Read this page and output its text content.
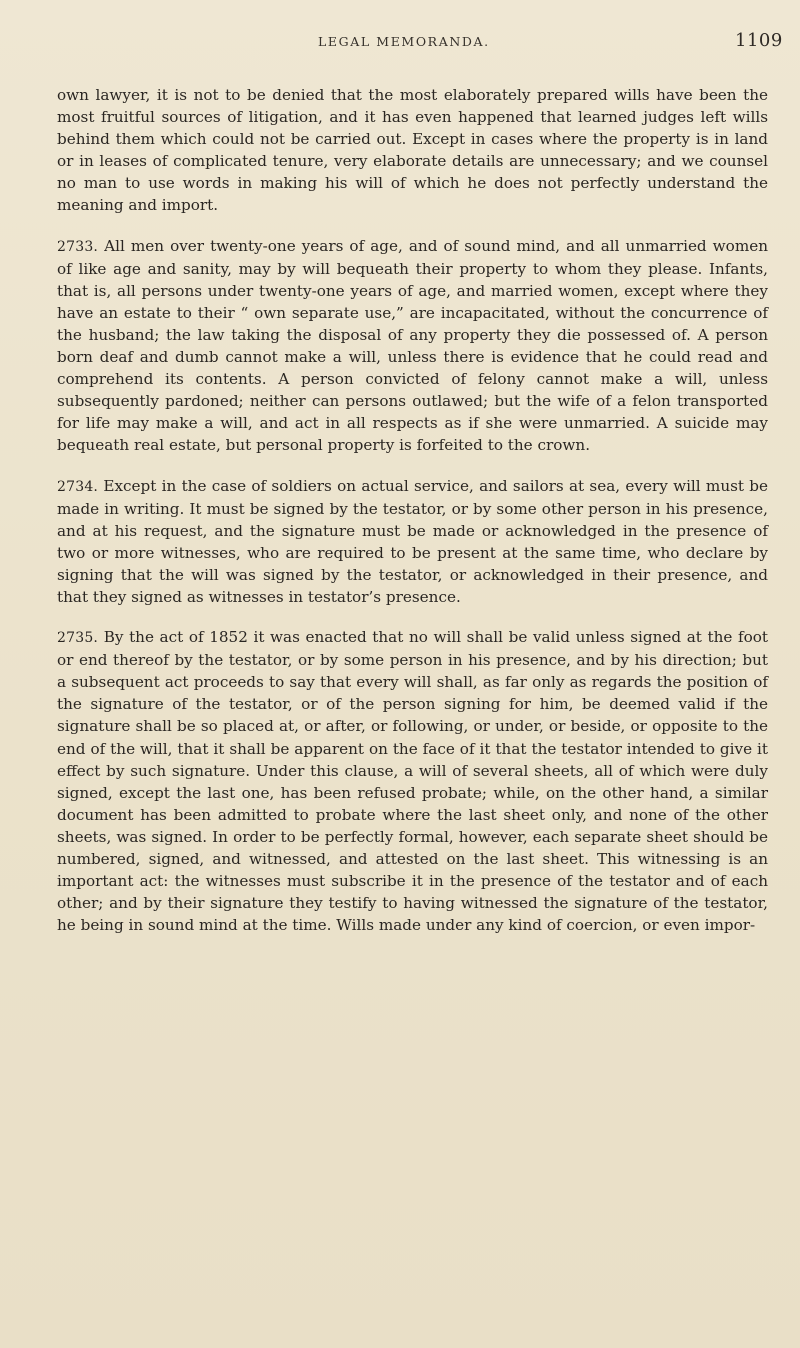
LEGAL MEMORANDA.	1109

own lawyer, it is not to be denied that the most elaborately prepared wills have been the most fruitful sources of litigation, and it has even happened that learned judges left wills behind them which could not be carried out. Except in cases where the property is in land or in leases of complicated tenure, very elaborate details are unnecessary; and we counsel no man to use words in making his will of which he does not perfectly understand the meaning and import.

2733. All men over twenty-one years of age, and of sound mind, and all unmarried women of like age and sanity, may by will bequeath their property to whom they please. Infants, that is, all persons under twenty-one years of age, and married women, except where they have an estate to their “ own separate use,” are incapacitated, without the concurrence of the husband; the law taking the disposal of any property they die possessed of. A person born deaf and dumb cannot make a will, unless there is evidence that he could read and comprehend its contents. A person convicted of felony cannot make a will, unless subsequently pardoned; neither can persons outlawed; but the wife of a felon transported for life may make a will, and act in all respects as if she were unmarried. A suicide may bequeath real estate, but personal property is forfeited to the crown.

2734. Except in the case of soldiers on actual service, and sailors at sea, every will must be made in writing. It must be signed by the testator, or by some other person in his presence, and at his request, and the signature must be made or acknowledged in the presence of two or more witnesses, who are required to be present at the same time, who declare by signing that the will was signed by the testator, or acknowledged in their presence, and that they signed as witnesses in testator’s presence.

2735. By the act of 1852 it was enacted that no will shall be valid unless signed at the foot or end thereof by the testator, or by some person in his presence, and by his direction; but a subsequent act proceeds to say that every will shall, as far only as regards the position of the signature of the testator, or of the person signing for him, be deemed valid if the signature shall be so placed at, or after, or following, or under, or beside, or opposite to the end of the will, that it shall be apparent on the face of it that the testator intended to give it effect by such signature. Under this clause, a will of several sheets, all of which were duly signed, except the last one, has been refused probate; while, on the other hand, a similar document has been admitted to probate where the last sheet only, and none of the other sheets, was signed. In order to be perfectly formal, however, each separate sheet should be numbered, signed, and witnessed, and attested on the last sheet. This witnessing is an important act: the witnesses must subscribe it in the presence of the testator and of each other; and by their signature they testify to having witnessed the signature of the testator, he being in sound mind at the time. Wills made under any kind of coercion, or even impor-
